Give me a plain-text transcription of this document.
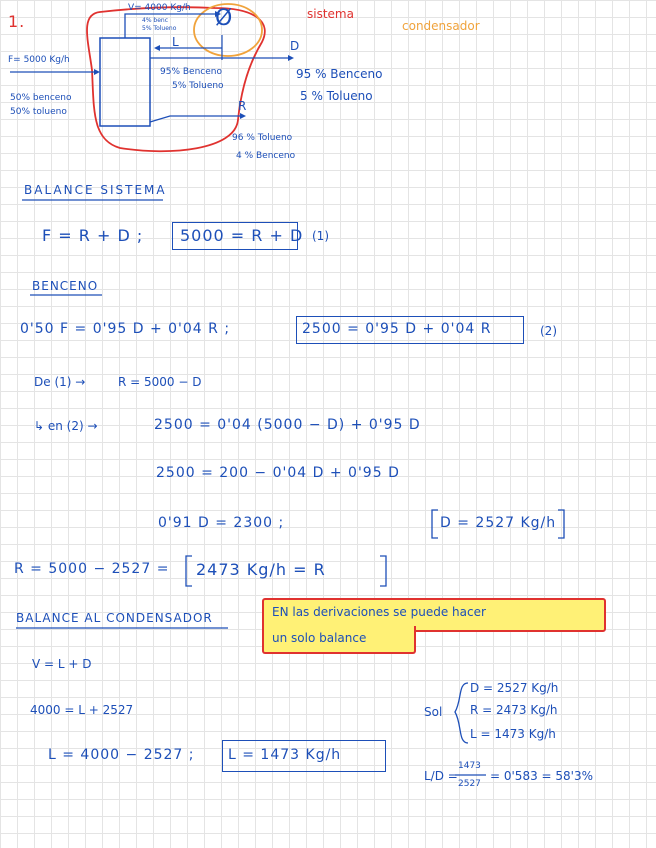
1.	sistema
condensador
V= 4000 Kg/h
4% benc
5% Tolueno Ø
L
F= 5000 Kg/h
50% benceno
50% tolueno
95% Benceno
5% Tolueno
D
95 % Benceno
5 % Tolueno
R
96 % Tolueno
4 % Benceno
BALANCE SISTEMA
F = R + D ; 5000 = R + D (1)
BENCENO
0'50 F = 0'95 D + 0'04 R ;	2500 = 0'95 D + 0'04 R	(2)
De (1) →	R = 5000 − D
↳ en (2) →	2500 = 0'04 (5000 − D) + 0'95 D
2500 = 200 − 0'04 D + 0'95 D
0'91 D = 2300 ;	D = 2527 Kg/h
R = 5000 − 2527 = 2473 Kg/h = R
BALANCE AL CONDENSADOR	EN las derivaciones se puede hacer
un solo balance
V = L + D
4000 = L + 2527
L = 4000 − 2527 ; L = 1473 Kg/h
Sol
D = 2527 Kg/h
R = 2473 Kg/h
L = 1473 Kg/h
L/D =
1473
2527
= 0'583 = 58'3%
